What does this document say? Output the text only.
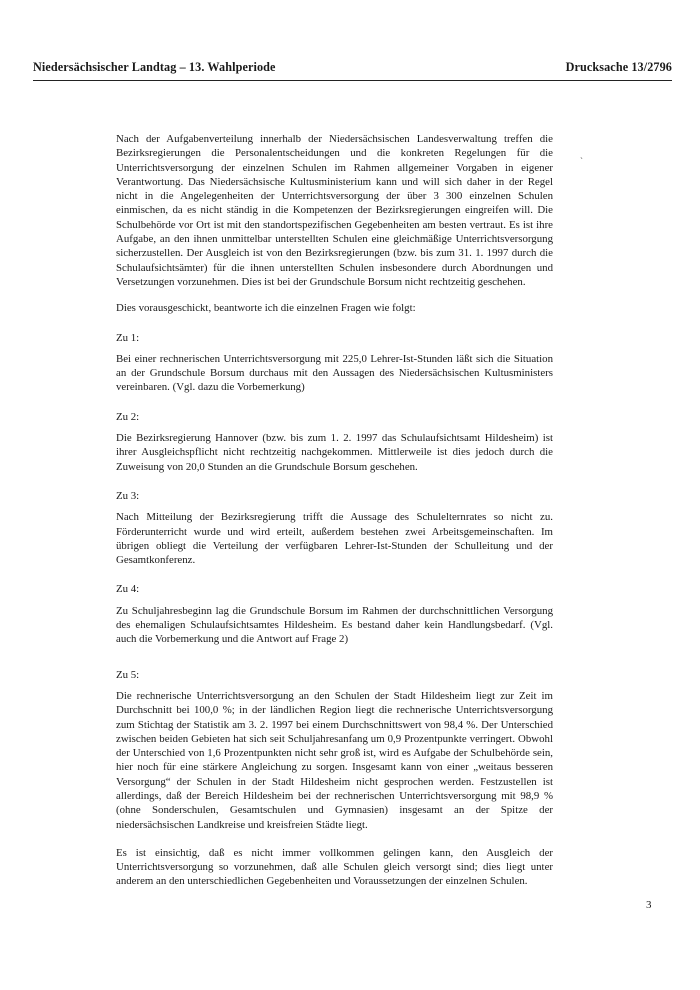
Niedersächsischer Landtag – 13. Wahlperiode	Drucksache 13/2796
`

Nach der Aufgabenverteilung innerhalb der Niedersächsischen Landesverwaltung treffen die Bezirksregierungen die Personalentscheidungen und die konkreten Regelungen für die Unterrichtsversorgung der einzelnen Schulen im Rahmen allgemeiner Vorgaben in eigener Verantwortung. Das Niedersächsische Kultusministerium kann und will sich daher in der Regel nicht in die Angelegenheiten der Unterrichtsversorgung der über 3 300 einzelnen Schulen einmischen, da es nicht ständig in die Kompetenzen der Bezirksregierungen eingreifen will. Die Schulbehörde vor Ort ist mit den standortspezifischen Gegebenheiten am besten vertraut. Es ist ihre Aufgabe, an den ihnen unmittelbar unterstellten Schulen eine gleichmäßige Unterrichtsversorgung sicherzustellen. Der Ausgleich ist von den Bezirksregierungen (bzw. bis zum 31. 1. 1997 durch die Schulaufsichtsämter) für die ihnen unterstellten Schulen insbesondere durch Abordnungen und Versetzungen vorzunehmen. Dies ist bei der Grundschule Borsum nicht rechtzeitig geschehen.

Dies vorausgeschickt, beantworte ich die einzelnen Fragen wie folgt:

Zu 1:

Bei einer rechnerischen Unterrichtsversorgung mit 225,0 Lehrer-Ist-Stunden läßt sich die Situation an der Grundschule Borsum durchaus mit den Aussagen des Niedersächsischen Kultusministers vereinbaren. (Vgl. dazu die Vorbemerkung)

Zu 2:

Die Bezirksregierung Hannover (bzw. bis zum 1. 2. 1997 das Schulaufsichtsamt Hildesheim) ist ihrer Ausgleichspflicht nicht rechtzeitig nachgekommen. Mittlerweile ist dies jedoch durch die Zuweisung von 20,0 Stunden an die Grundschule Borsum geschehen.

Zu 3:

Nach Mitteilung der Bezirksregierung trifft die Aussage des Schulelternrates so nicht zu. Förderunterricht wurde und wird erteilt, außerdem bestehen zwei Arbeitsgemeinschaften. Im übrigen obliegt die Verteilung der verfügbaren Lehrer-Ist-Stunden der Schulleitung und der Gesamtkonferenz.

Zu 4:

Zu Schuljahresbeginn lag die Grundschule Borsum im Rahmen der durchschnittlichen Versorgung des ehemaligen Schulaufsichtsamtes Hildesheim. Es bestand daher kein Handlungsbedarf. (Vgl. auch die Vorbemerkung und die Antwort auf Frage 2)

Zu 5:

Die rechnerische Unterrichtsversorgung an den Schulen der Stadt Hildesheim liegt zur Zeit im Durchschnitt bei 100,0 %; in der ländlichen Region liegt die rechnerische Unterrichtsversorgung zum Stichtag der Statistik am 3. 2. 1997 bei einem Durchschnittswert von 98,4 %. Der Unterschied zwischen beiden Gebieten hat sich seit Schuljahresanfang um 0,9 Prozentpunkte verringert. Obwohl der Unterschied von 1,6 Prozentpunkten nicht sehr groß ist, wird es Aufgabe der Schulbehörde sein, hier noch für eine stärkere Angleichung zu sorgen. Insgesamt kann von einer „weitaus besseren Versorgung“ der Schulen in der Stadt Hildesheim nicht gesprochen werden. Festzustellen ist allerdings, daß der Bereich Hildesheim bei der rechnerischen Unterrichtsversorgung mit 98,9 % (ohne Sonderschulen, Gesamtschulen und Gymnasien) insgesamt an der Spitze der niedersächsischen Landkreise und kreisfreien Städte liegt.

Es ist einsichtig, daß es nicht immer vollkommen gelingen kann, den Ausgleich der Unterrichtsversorgung so vorzunehmen, daß alle Schulen gleich versorgt sind; dies liegt unter anderem an den unterschiedlichen Gegebenheiten und Voraussetzungen der einzelnen Schulen.

3
